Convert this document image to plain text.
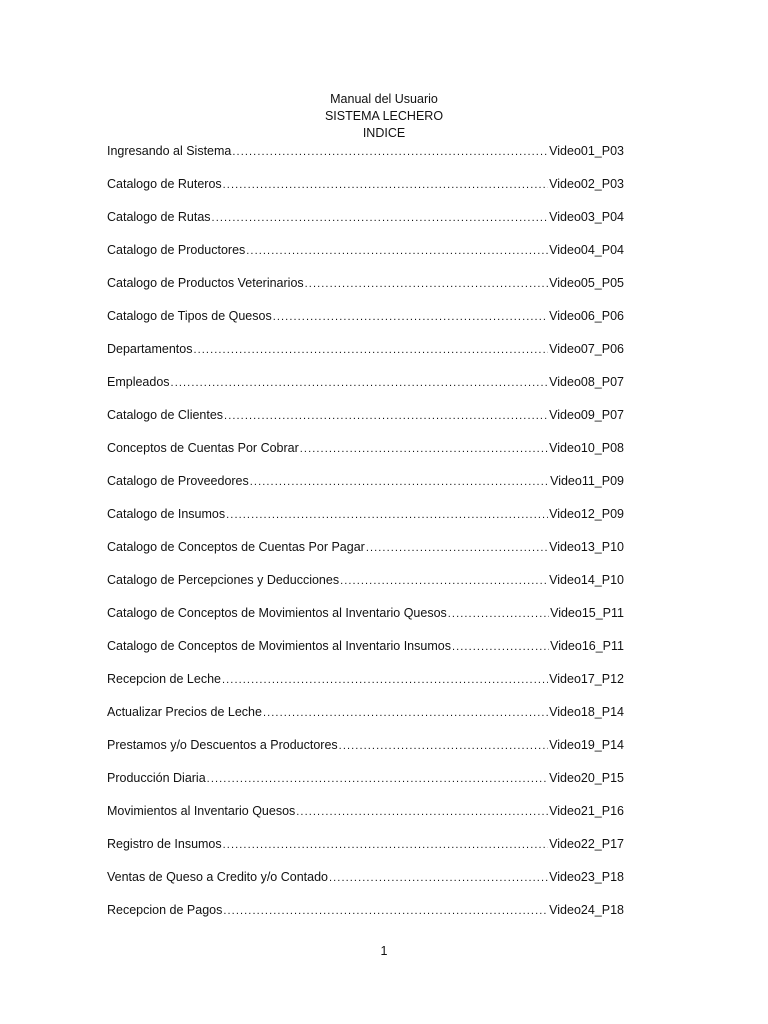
Manual del Usuario
SISTEMA LECHERO
INDICE
Ingresando al Sistema .....	Video01_P03
Catalogo de Ruteros .....	Video02_P03
Catalogo de Rutas .....	Video03_P04
Catalogo de Productores .....	Video04_P04
Catalogo de Productos Veterinarios .....	Video05_P05
Catalogo de Tipos de Quesos .....	Video06_P06
Departamentos .....	Video07_P06
Empleados .....	Video08_P07
Catalogo de Clientes .....	Video09_P07
Conceptos de Cuentas Por Cobrar .....	Video10_P08
Catalogo de Proveedores .....	Video11_P09
Catalogo de Insumos .....	Video12_P09
Catalogo de Conceptos de Cuentas Por Pagar .....	Video13_P10
Catalogo de Percepciones y Deducciones .....	Video14_P10
Catalogo de Conceptos de Movimientos al Inventario Quesos .....	Video15_P11
Catalogo de Conceptos de Movimientos al Inventario Insumos .....	Video16_P11
Recepcion de Leche .....	Video17_P12
Actualizar Precios de Leche .....	Video18_P14
Prestamos y/o Descuentos a Productores .....	Video19_P14
Producción Diaria .....	Video20_P15
Movimientos al Inventario Quesos .....	Video21_P16
Registro de Insumos .....	Video22_P17
Ventas de Queso a Credito y/o Contado .....	Video23_P18
Recepcion de Pagos .....	Video24_P18
1
